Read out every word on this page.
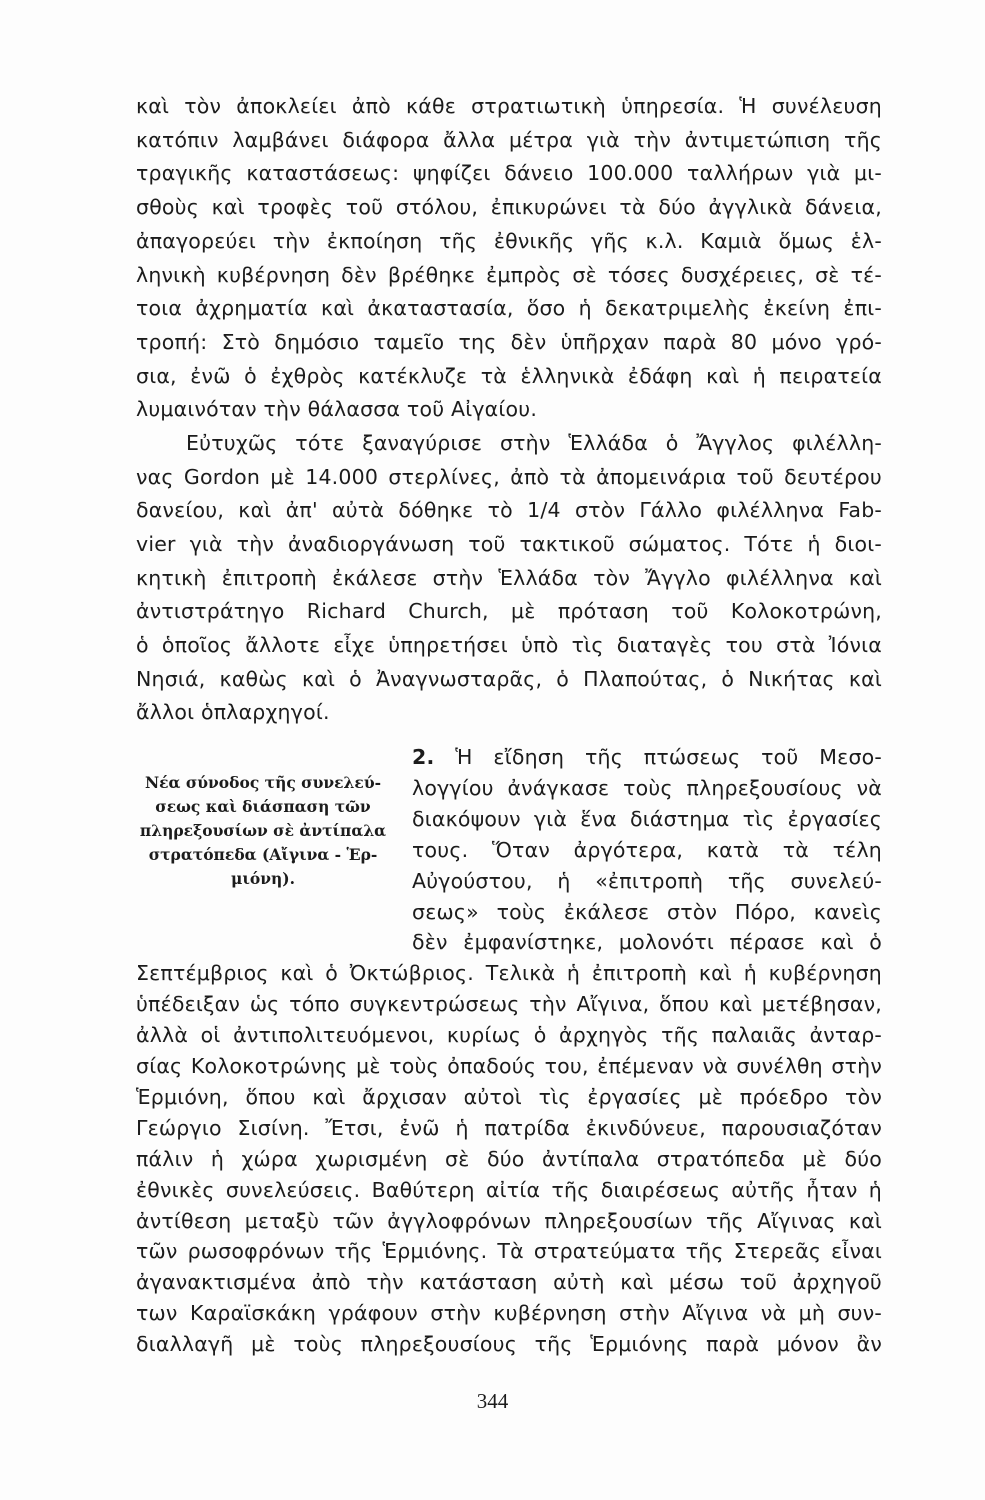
καὶ τὸν ἀποκλείει ἀπὸ κάθε στρατιωτικὴ ὑπηρεσία. Ἡ συνέλευση
κατόπιν λαμβάνει διάφορα ἄλλα μέτρα γιὰ τὴν ἀντιμετώπιση τῆς
τραγικῆς καταστάσεως: ψηφίζει δάνειο 100.000 ταλλήρων γιὰ μι-
σθοὺς καὶ τροφὲς τοῦ στόλου, ἐπικυρώνει τὰ δύο ἀγγλικὰ δάνεια,
ἀπαγορεύει τὴν ἐκποίηση τῆς ἐθνικῆς γῆς κ.λ. Καμιὰ ὅμως ἑλ-
ληνικὴ κυβέρνηση δὲν βρέθηκε ἐμπρὸς σὲ τόσες δυσχέρειες, σὲ τέ-
τοια ἀχρηματία καὶ ἀκαταστασία, ὅσο ἡ δεκατριμελὴς ἐκείνη ἐπι-
τροπή: Στὸ δημόσιο ταμεῖο της δὲν ὑπῆρχαν παρὰ 80 μόνο γρό-
σια, ἐνῶ ὁ ἐχθρὸς κατέκλυζε τὰ ἑλληνικὰ ἐδάφη καὶ ἡ πειρατεία
λυμαινόταν τὴν θάλασσα τοῦ Αἰγαίου.
Εὐτυχῶς τότε ξαναγύρισε στὴν Ἑλλάδα ὁ Ἄγγλος φιλέλλη-
νας Gordon μὲ 14.000 στερλίνες, ἀπὸ τὰ ἀπομεινάρια τοῦ δευτέρου
δανείου, καὶ ἀπ' αὐτὰ δόθηκε τὸ 1/4 στὸν Γάλλο φιλέλληνα Fab-
vier γιὰ τὴν ἀναδιοργάνωση τοῦ τακτικοῦ σώματος. Τότε ἡ διοι-
κητικὴ ἐπιτροπὴ ἐκάλεσε στὴν Ἑλλάδα τὸν Ἄγγλο φιλέλληνα καὶ
ἀντιστράτηγο Richard Church, μὲ πρόταση τοῦ Κολοκοτρώνη,
ὁ ὁποῖος ἄλλοτε εἶχε ὑπηρετήσει ὑπὸ τὶς διαταγὲς του στὰ Ἰόνια
Νησιά, καθὼς καὶ ὁ Ἀναγνωσταρᾶς, ὁ Πλαπούτας, ὁ Νικήτας καὶ
ἄλλοι ὁπλαρχηγοί.
Νέα σύνοδος τῆς συνελεύ-
σεως καὶ διάσπαση τῶν
πληρεξουσίων σὲ ἀντίπαλα
στρατόπεδα (Αἴγινα - Ἑρ-
μιόνη).
2. Ἡ εἴδηση τῆς πτώσεως τοῦ Μεσο-
λογγίου ἀνάγκασε τοὺς πληρεξουσίους νὰ
διακόψουν γιὰ ἕνα διάστημα τὶς ἐργασίες
τους. Ὅταν ἀργότερα, κατὰ τὰ τέλη
Αὐγούστου, ἡ «ἐπιτροπὴ τῆς συνελεύ-
σεως» τοὺς ἐκάλεσε στὸν Πόρο, κανεὶς
δὲν ἐμφανίστηκε, μολονότι πέρασε καὶ ὁ
Σεπτέμβριος καὶ ὁ Ὀκτώβριος. Τελικὰ ἡ ἐπιτροπὴ καὶ ἡ κυβέρνηση
ὑπέδειξαν ὡς τόπο συγκεντρώσεως τὴν Αἴγινα, ὅπου καὶ μετέβησαν,
ἀλλὰ οἱ ἀντιπολιτευόμενοι, κυρίως ὁ ἀρχηγὸς τῆς παλαιᾶς ἀνταρ-
σίας Κολοκοτρώνης μὲ τοὺς ὀπαδούς του, ἐπέμεναν νὰ συνέλθη στὴν
Ἑρμιόνη, ὅπου καὶ ἄρχισαν αὐτοὶ τὶς ἐργασίες μὲ πρόεδρο τὸν
Γεώργιο Σισίνη. Ἔτσι, ἐνῶ ἡ πατρίδα ἐκινδύνευε, παρουσιαζόταν
πάλιν ἡ χώρα χωρισμένη σὲ δύο ἀντίπαλα στρατόπεδα μὲ δύο
ἐθνικὲς συνελεύσεις. Βαθύτερη αἰτία τῆς διαιρέσεως αὐτῆς ἦταν ἡ
ἀντίθεση μεταξὺ τῶν ἀγγλοφρόνων πληρεξουσίων τῆς Αἴγινας καὶ
τῶν ρωσοφρόνων τῆς Ἑρμιόνης. Τὰ στρατεύματα τῆς Στερεᾶς εἶναι
ἀγανακτισμένα ἀπὸ τὴν κατάσταση αὐτὴ καὶ μέσω τοῦ ἀρχηγοῦ
των Καραϊσκάκη γράφουν στὴν κυβέρνηση στὴν Αἴγινα νὰ μὴ συν-
διαλλαγῆ μὲ τοὺς πληρεξουσίους τῆς Ἑρμιόνης παρὰ μόνον ἂν
344
